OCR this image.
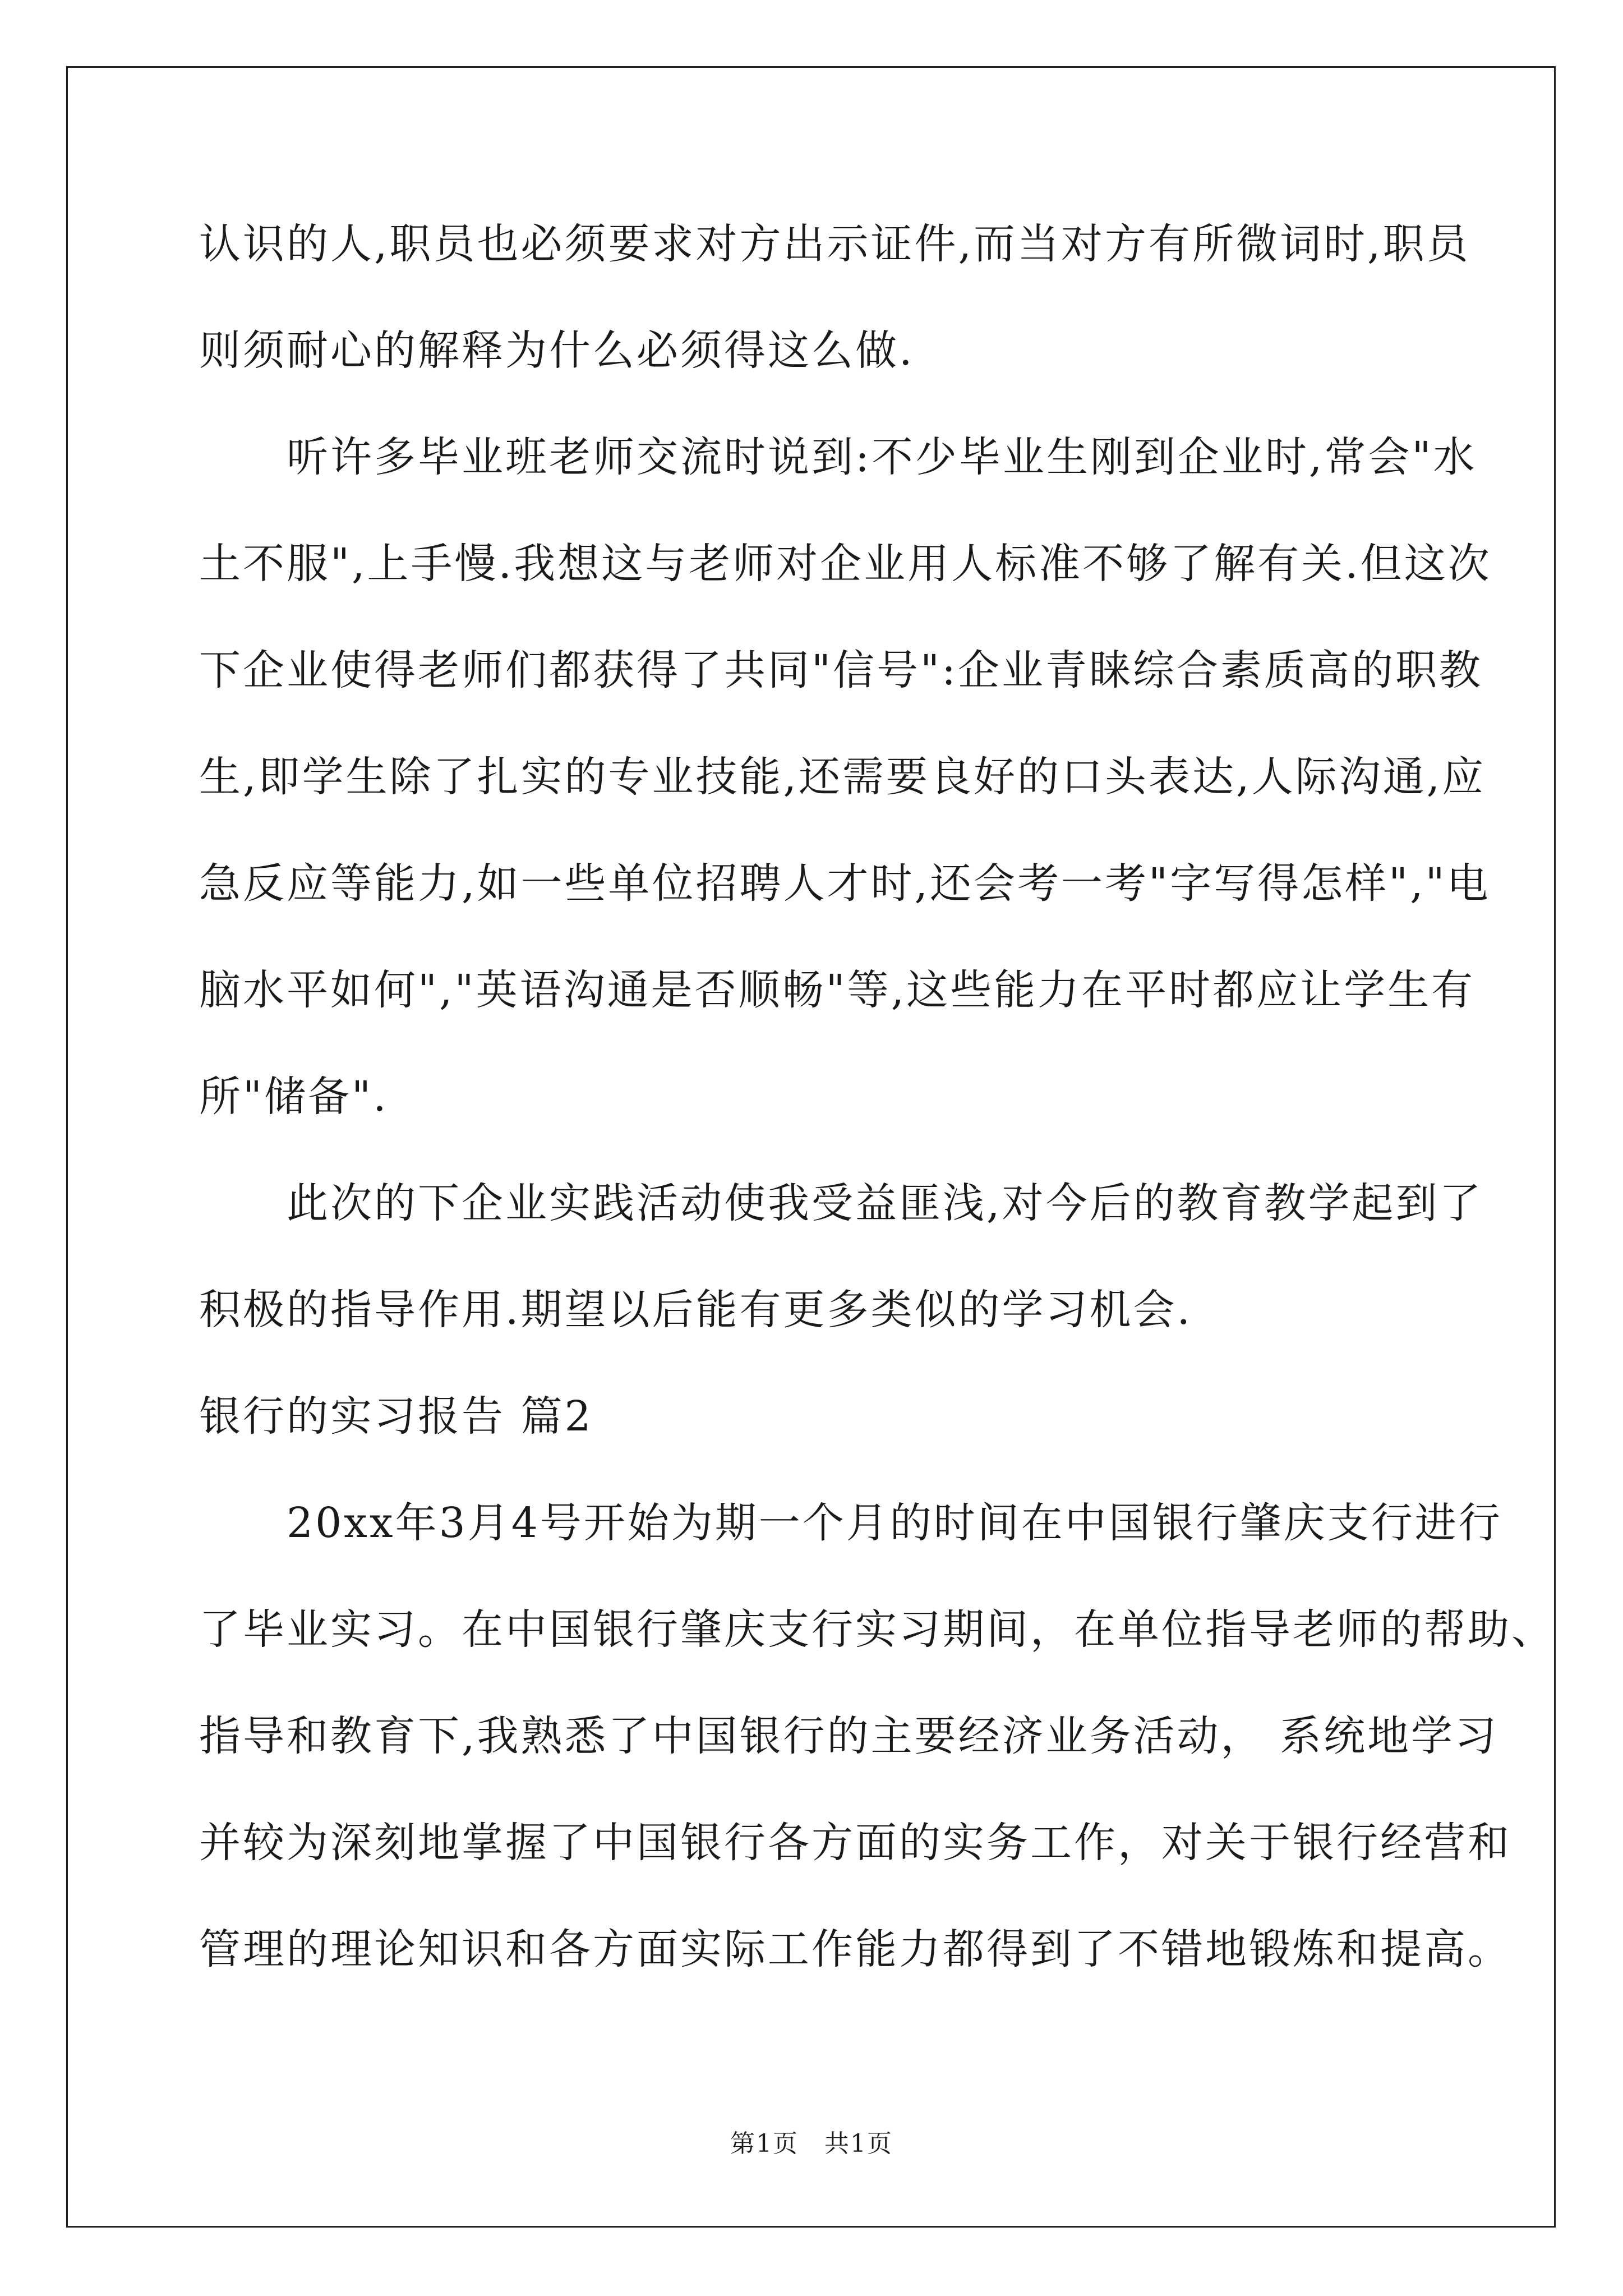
认识的人,职员也必须要求对方出示证件,而当对方有所微词时,职员
则须耐心的解释为什么必须得这么做.
　　听许多毕业班老师交流时说到:不少毕业生刚到企业时,常会"水
土不服",上手慢.我想这与老师对企业用人标准不够了解有关.但这次
下企业使得老师们都获得了共同"信号":企业青睐综合素质高的职教
生,即学生除了扎实的专业技能,还需要良好的口头表达,人际沟通,应
急反应等能力,如一些单位招聘人才时,还会考一考"字写得怎样","电
脑水平如何","英语沟通是否顺畅"等,这些能力在平时都应让学生有
所"储备".
　　此次的下企业实践活动使我受益匪浅,对今后的教育教学起到了
积极的指导作用.期望以后能有更多类似的学习机会.
银行的实习报告 篇2
　　20xx年3月4号开始为期一个月的时间在中国银行肇庆支行进行
了毕业实习。在中国银行肇庆支行实习期间，在单位指导老师的帮助、
指导和教育下,我熟悉了中国银行的主要经济业务活动， 系统地学习
并较为深刻地掌握了中国银行各方面的实务工作，对关于银行经营和
管理的理论知识和各方面实际工作能力都得到了不错地锻炼和提高。
第1页　共1页
